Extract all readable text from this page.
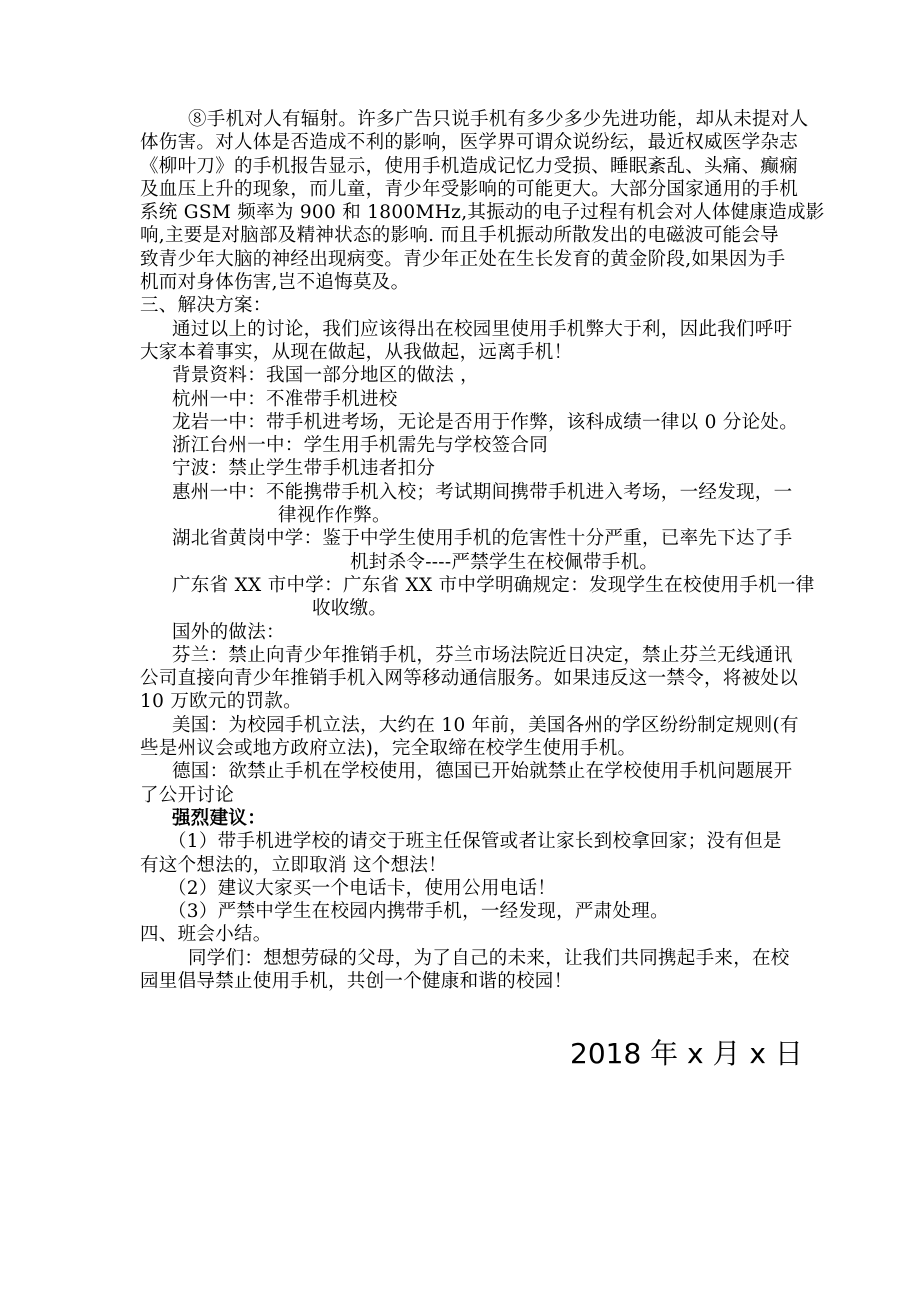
⑧手机对人有辐射。许多广告只说手机有多少多少先进功能，却从未提对人
体伤害。对人体是否造成不利的影响，医学界可谓众说纷纭，最近权威医学杂志
《柳叶刀》的手机报告显示，使用手机造成记忆力受损、睡眠紊乱、头痛、癫痫
及血压上升的现象，而儿童，青少年受影响的可能更大。大部分国家通用的手机
系统 GSM 频率为 900 和 1800MHz,其振动的电子过程有机会对人体健康造成影
响,主要是对脑部及精神状态的影响. 而且手机振动所散发出的电磁波可能会导
致青少年大脑的神经出现病变。青少年正处在生长发育的黄金阶段,如果因为手
机而对身体伤害,岂不追悔莫及。
三、解决方案：
通过以上的讨论，我们应该得出在校园里使用手机弊大于利，因此我们呼吁
大家本着事实，从现在做起，从我做起，远离手机！
背景资料：我国一部分地区的做法 ，
杭州一中：不准带手机进校
龙岩一中：带手机进考场，无论是否用于作弊，该科成绩一律以 0 分论处。
浙江台州一中：学生用手机需先与学校签合同
宁波：禁止学生带手机违者扣分
惠州一中：不能携带手机入校；考试期间携带手机进入考场，一经发现，一
律视作作弊。
湖北省黄岗中学：鉴于中学生使用手机的危害性十分严重，已率先下达了手
机封杀令----严禁学生在校佩带手机。
广东省 XX 市中学：广东省 XX 市中学明确规定：发现学生在校使用手机一律
收收缴。
国外的做法：
芬兰：禁止向青少年推销手机，芬兰市场法院近日决定，禁止芬兰无线通讯
公司直接向青少年推销手机入网等移动通信服务。如果违反这一禁令，将被处以
10 万欧元的罚款。
美国：为校园手机立法，大约在 10 年前，美国各州的学区纷纷制定规则(有
些是州议会或地方政府立法)，完全取缔在校学生使用手机。
德国：欲禁止手机在学校使用，德国已开始就禁止在学校使用手机问题展开
了公开讨论
强烈建议：
（1）带手机进学校的请交于班主任保管或者让家长到校拿回家；没有但是
有这个想法的，立即取消 这个想法！
（2）建议大家买一个电话卡，使用公用电话！
（3）严禁中学生在校园内携带手机，一经发现，严肃处理。
四、班会小结。
同学们：想想劳碌的父母，为了自己的未来，让我们共同携起手来，在校
园里倡导禁止使用手机，共创一个健康和谐的校园！
2018 年 x 月 x 日
